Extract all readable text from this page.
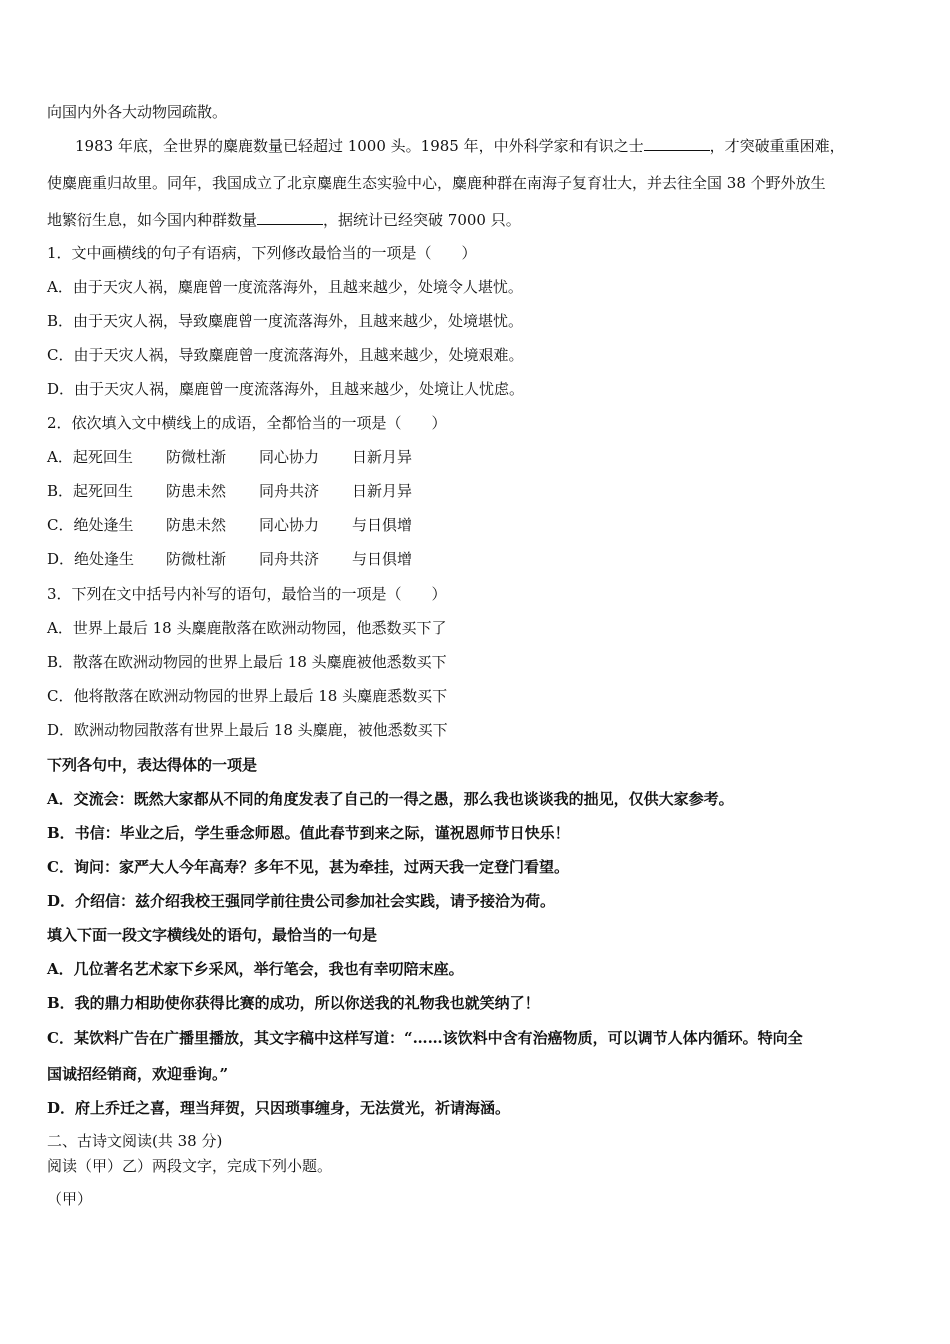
向国内外各大动物园疏散。
1983 年底，全世界的麋鹿数量已轻超过 1000 头。1985 年，中外科学家和有识之士	，才突破重重困难，
使麋鹿重归故里。同年，我国成立了北京麋鹿生态实验中心，麋鹿种群在南海子复育壮大，并去往全国 38 个野外放生
地繁衍生息，如今国内种群数量	，据统计已经突破 7000 只。
1．文中画横线的句子有语病，下列修改最恰当的一项是（　　）
A．由于天灾人祸，麋鹿曾一度流落海外，且越来越少，处境令人堪忧。
B．由于天灾人祸，导致麋鹿曾一度流落海外，且越来越少，处境堪忧。
C．由于天灾人祸，导致麋鹿曾一度流落海外，且越来越少，处境艰难。
D．由于天灾人祸，麋鹿曾一度流落海外，且越来越少，处境让人忧虑。
2．依次填入文中横线上的成语，全都恰当的一项是（　　）
A．起死回生 防微杜渐 同心协力 日新月异
B．起死回生 防患未然 同舟共济 日新月异
C．绝处逢生 防患未然 同心协力 与日俱增
D．绝处逢生 防微杜渐 同舟共济 与日俱增
3．下列在文中括号内补写的语句，最恰当的一项是（　　）
A．世界上最后 18 头麋鹿散落在欧洲动物园，他悉数买下了
B．散落在欧洲动物园的世界上最后 18 头麋鹿被他悉数买下
C．他将散落在欧洲动物园的世界上最后 18 头麋鹿悉数买下
D．欧洲动物园散落有世界上最后 18 头麋鹿，被他悉数买下
下列各句中，表达得体的一项是
A．交流会：既然大家都从不同的角度发表了自己的一得之愚，那么我也谈谈我的拙见，仅供大家参考。
B．书信：毕业之后，学生垂念师恩。值此春节到来之际，谨祝恩师节日快乐！
C．询问：家严大人今年高寿？多年不见，甚为牵挂，过两天我一定登门看望。
D．介绍信：兹介绍我校王强同学前往贵公司参加社会实践，请予接洽为荷。
填入下面一段文字横线处的语句，最恰当的一句是
A．几位著名艺术家下乡采风，举行笔会，我也有幸叨陪末座。
B．我的鼎力相助使你获得比赛的成功，所以你送我的礼物我也就笑纳了！
C．某饮料广告在广播里播放，其文字稿中这样写道：“……该饮料中含有治癌物质，可以调节人体内循环。特向全
国诚招经销商，欢迎垂询。”
D．府上乔迁之喜，理当拜贺，只因琐事缠身，无法赏光，祈请海涵。
二、古诗文阅读(共 38 分)
阅读（甲）乙）两段文字，完成下列小题。
（甲）
